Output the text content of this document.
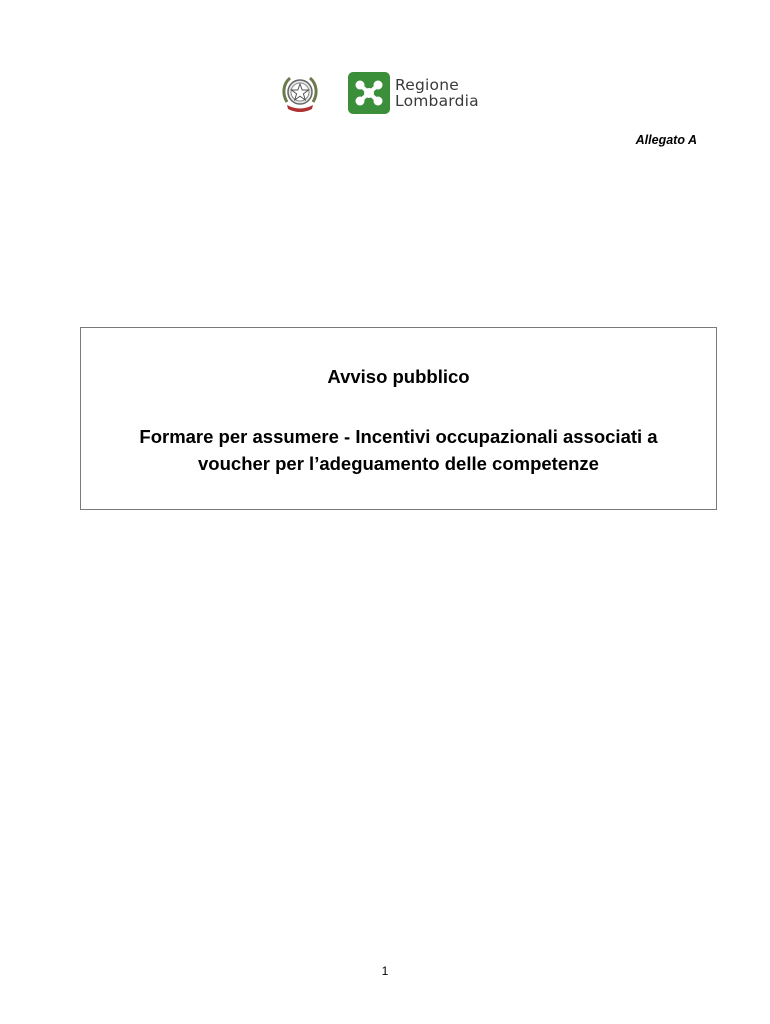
Regione
Lombardia
Allegato A
Avviso pubblico
Formare per assumere - Incentivi occupazionali associati a voucher per l’adeguamento delle competenze
1
